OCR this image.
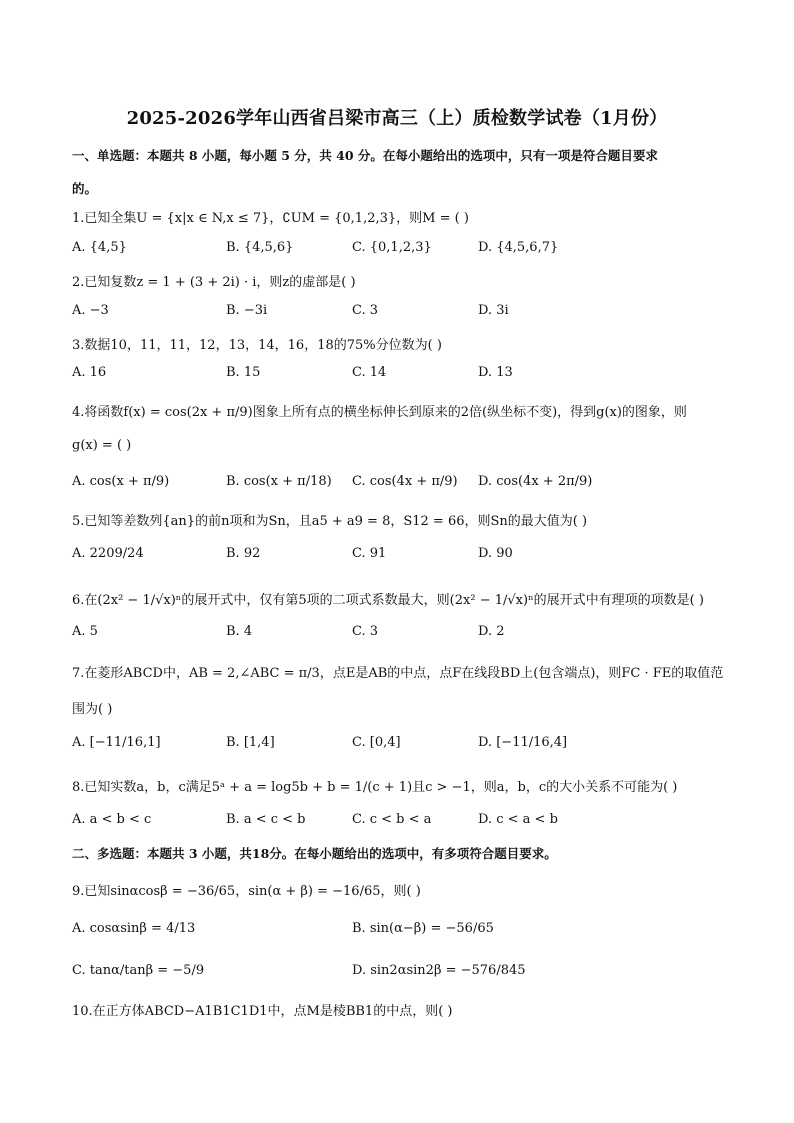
2025-2026学年山西省吕梁市高三（上）质检数学试卷（1月份）
一、单选题：本题共 8 小题，每小题 5 分，共 40 分。在每小题给出的选项中，只有一项是符合题目要求
的。
1.已知全集U = {x|x ∈ N,x ≤ 7}，∁UM = {0,1,2,3}，则M = ( )
A. {4,5}	B. {4,5,6}	C. {0,1,2,3}	D. {4,5,6,7}
2.已知复数z = 1 + (3 + 2i) · i，则z的虚部是( )
A. −3	B. −3i	C. 3	D. 3i
3.数据10，11，11，12，13，14，16，18的75%分位数为( )
A. 16	B. 15	C. 14	D. 13
4.将函数f(x) = cos(2x + π/9)图象上所有点的横坐标伸长到原来的2倍(纵坐标不变)，得到g(x)的图象，则
g(x) = ( )
A. cos(x + π/9)	B. cos(x + π/18) C. cos(4x + π/9) D. cos(4x + 2π/9)
5.已知等差数列{an}的前n项和为Sn，且a5 + a9 = 8，S12 = 66，则Sn的最大值为( )
A. 2209/24	B. 92	C. 91	D. 90
6.在(2x² − 1/√x)ⁿ的展开式中，仅有第5项的二项式系数最大，则(2x² − 1/√x)ⁿ的展开式中有理项的项数是( )
A. 5	B. 4	C. 3	D. 2
7.在菱形ABCD中，AB = 2,∠ABC = π/3，点E是AB的中点，点F在线段BD上(包含端点)，则FC · FE的取值范
围为( )
A. [−11/16,1]	B. [1,4]	C. [0,4]	D. [−11/16,4]
8.已知实数a，b，c满足5ᵃ + a = log5b + b = 1/(c + 1)且c > −1，则a，b，c的大小关系不可能为( )
A. a < b < c	B. a < c < b	C. c < b < a	D. c < a < b
二、多选题：本题共 3 小题，共18分。在每小题给出的选项中，有多项符合题目要求。
9.已知sinαcosβ = −36/65，sin(α + β) = −16/65，则( )
A. cosαsinβ = 4/13	B. sin(α−β) = −56/65
C. tanα/tanβ = −5/9	D. sin2αsin2β = −576/845
10.在正方体ABCD−A1B1C1D1中，点M是棱BB1的中点，则( )
